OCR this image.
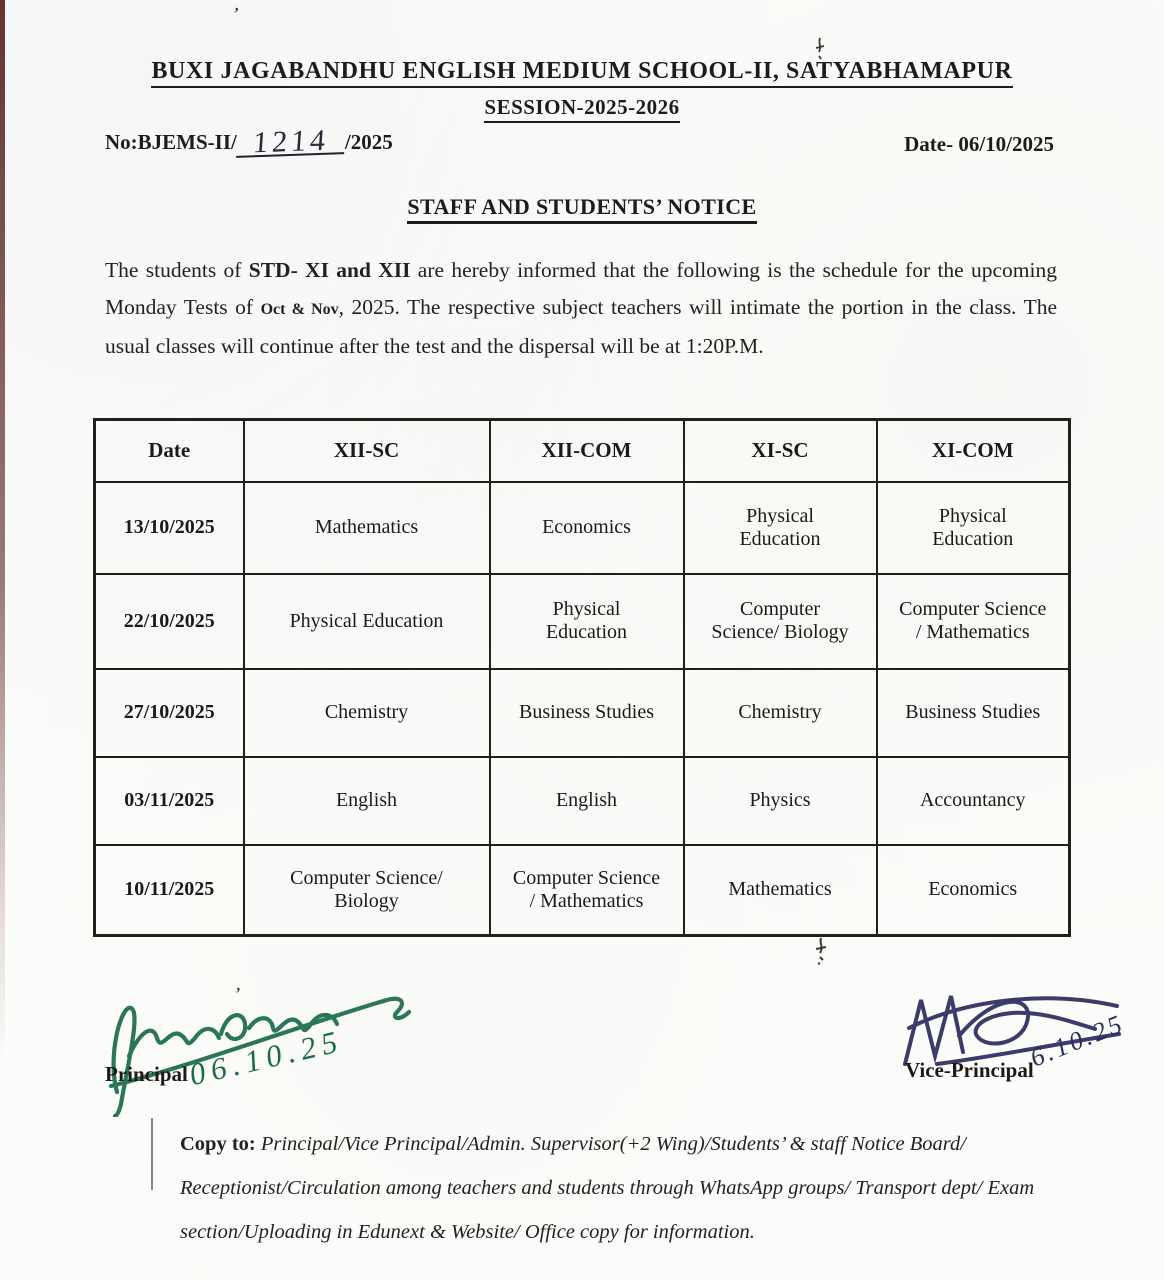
’
BUXI JAGABANDHU ENGLISH MEDIUM SCHOOL-II, SATYABHAMAPUR
SESSION-2025-2026
No:BJEMS-II/ 1214 /2025	Date- 06/10/2025
STAFF AND STUDENTS’ NOTICE
The students of STD- XI and XII are hereby informed that the following is the schedule for the upcoming Monday Tests of Oct & Nov, 2025. The respective subject teachers will intimate the portion in the class. The usual classes will continue after the test and the dispersal will be at 1:20P.M.
Date	XII-SC	XII-COM	XI-SC	XI-COM
13/10/2025	Mathematics	Economics	Physical Education	Physical Education
22/10/2025	Physical Education	Physical Education	Computer Science/ Biology	Computer Science / Mathematics
27/10/2025	Chemistry	Business Studies	Chemistry	Business Studies
03/11/2025	English	English	Physics	Accountancy
10/11/2025	Computer Science/ Biology	Computer Science / Mathematics	Mathematics	Economics
’
06.10.25
Principal
6.10.25
Vice-Principal
Copy to: Principal/Vice Principal/Admin. Supervisor(+2 Wing)/Students’ & staff Notice Board/ Receptionist/Circulation among teachers and students through WhatsApp groups/ Transport dept/ Exam section/Uploading in Edunext & Website/ Office copy for information.
